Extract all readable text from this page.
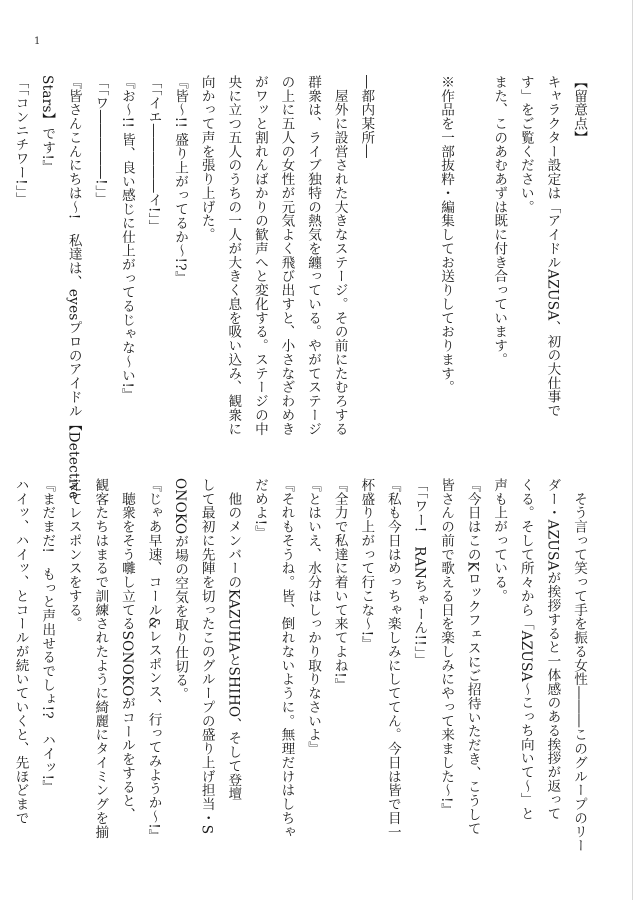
1
【留意点】
キャラクター設定は「アイドルAZUSA、初の大仕事で
す」をご覧ください。
また、このあむあずは既に付き合っています。

※作品を一部抜粋・編集してお送りしております。

―都内某所―
　屋外に設営された大きなステージ。その前にたむろする
群衆は、ライブ独特の熱気を纏っている。やがてステージ
の上に五人の女性が元気よく飛び出すと、小さなざわめき
がワッと割れんばかりの歓声へと変化する。ステージの中
央に立つ五人のうちの一人が大きく息を吸い込み、観衆に
向かって声を張り上げた。
『皆～!! 盛り上がってるか～!?』
「「イエ―――――イ!」」
『お～!! 皆、良い感じに仕上がってるじゃな～い!』
「「ワ―――――!」」
『皆さんこんにちは～!　私達は、eyesプロのアイドル【Detective
Stars】です!』
「「コンニチワー!」」
　そう言って笑って手を振る女性―――このグループのリー
ダー・AZUSAが挨拶すると一体感のある挨拶が返って
くる。そして所々から「AZUSA～こっち向いて～」と
声も上がっている。
『今日はこのKロックフェスにご招待いただき、こうして
皆さんの前で歌える日を楽しみにやって来ました～!』
「「ワー!　RANちゃーん!!」」
『私も今日はめっちゃ楽しみにしててん。今日は皆で目一
杯盛り上がって行こな～!』
『全力で私達に着いて来てよね!』
『とはいえ、水分はしっかり取りなさいよ』
『それもそうね。皆、倒れないように。無理だけはしちゃ
だめよ!』
　他のメンバーのKAZUHAとSHIHO、そして登壇
して最初に先陣を切ったこのグループの盛り上げ担当・S
ONOKOが場の空気を取り仕切る。
『じゃあ早速、コール&レスポンス、行ってみようか～!』
　聴衆をそう囃し立てるSONOKOがコールをすると、
観客たちはまるで訓練されたように綺麗にタイミングを揃
えてレスポンスをする。
『まだまだ!　もっと声出せるでしょ!?　ハイッ!』
ハイッ、ハイッ、とコールが続いていくと、先ほどまで
